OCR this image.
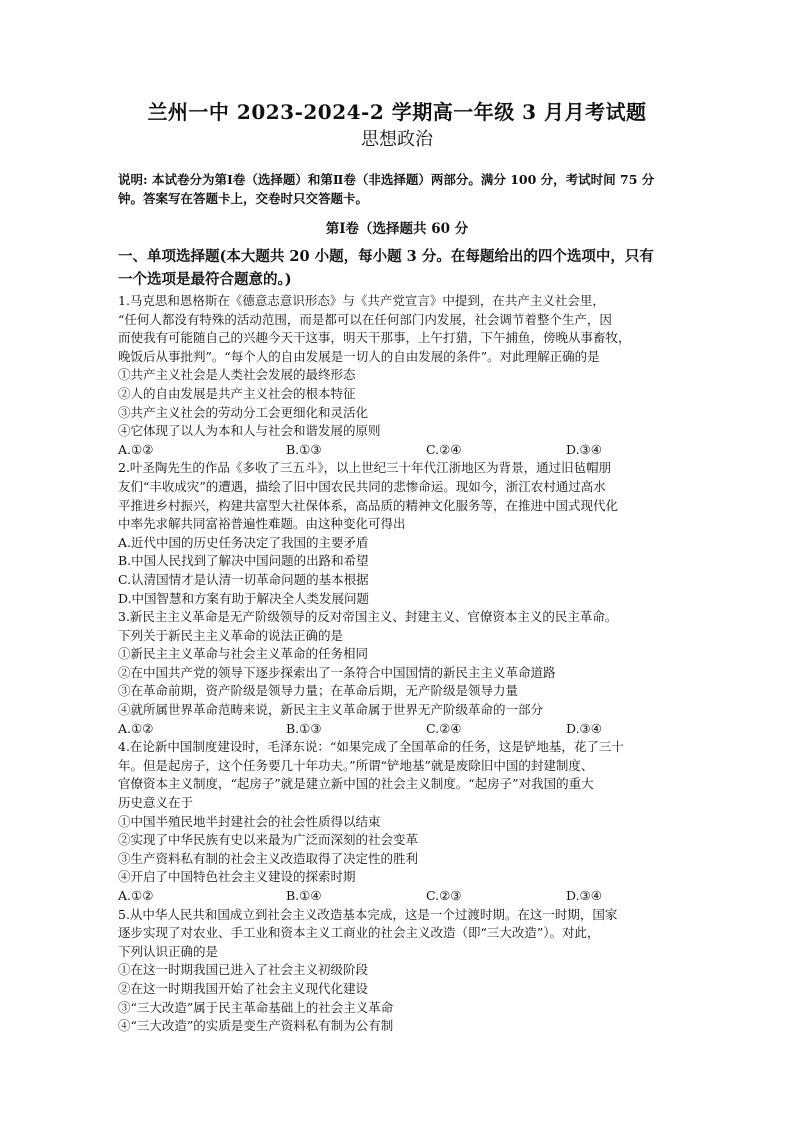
兰州一中 2023-2024-2 学期高一年级 3 月月考试题
思想政治
说明: 本试卷分为第Ⅰ卷（选择题）和第Ⅱ卷（非选择题）两部分。满分 100 分，考试时间 75 分钟。答案写在答题卡上，交卷时只交答题卡。
第Ⅰ卷（选择题共 60 分
一、单项选择题(本大题共 20 小题，每小题 3 分。在每题给出的四个选项中，只有
一个选项是最符合题意的。)
1.马克思和恩格斯在《德意志意识形态》与《共产党宣言》中提到，在共产主义社会里，
“任何人都没有特殊的活动范围，而是都可以在任何部门内发展，社会调节着整个生产，因
而使我有可能随自己的兴趣今天干这事，明天干那事，上午打猎，下午捕鱼，傍晚从事畜牧，
晚饭后从事批判”。“每个人的自由发展是一切人的自由发展的条件”。对此理解正确的是
①共产主义社会是人类社会发展的最终形态
②人的自由发展是共产主义社会的根本特征
③共产主义社会的劳动分工会更细化和灵活化
④它体现了以人为本和人与社会和谐发展的原则
A.①②	B.①③	C.②④	D.③④
2.叶圣陶先生的作品《多收了三五斗》，以上世纪三十年代江浙地区为背景，通过旧毡帽朋
友们“丰收成灾”的遭遇，描绘了旧中国农民共同的悲惨命运。现如今，浙江农村通过高水
平推进乡村振兴，构建共富型大社保体系，高品质的精神文化服务等，在推进中国式现代化
中率先求解共同富裕普遍性难题。由这种变化可得出
A.近代中国的历史任务决定了我国的主要矛盾
B.中国人民找到了解决中国问题的出路和希望
C.认清国情才是认清一切革命问题的基本根据
D.中国智慧和方案有助于解决全人类发展问题
3.新民主主义革命是无产阶级领导的反对帝国主义、封建主义、官僚资本主义的民主革命。
下列关于新民主主义革命的说法正确的是
①新民主主义革命与社会主义革命的任务相同
②在中国共产党的领导下逐步探索出了一条符合中国国情的新民主主义革命道路
③在革命前期，资产阶级是领导力量；在革命后期，无产阶级是领导力量
④就所属世界革命范畴来说，新民主主义革命属于世界无产阶级革命的一部分
A.①②	B.①③	C.②④	D.③④
4.在论新中国制度建设时，毛泽东说：“如果完成了全国革命的任务，这是铲地基，花了三十
年。但是起房子，这个任务要几十年功夫。”所谓“铲地基”就是废除旧中国的封建制度、
官僚资本主义制度，“起房子”就是建立新中国的社会主义制度。“起房子”对我国的重大
历史意义在于
①中国半殖民地半封建社会的社会性质得以结束
②实现了中华民族有史以来最为广泛而深刻的社会变革
③生产资料私有制的社会主义改造取得了决定性的胜利
④开启了中国特色社会主义建设的探索时期
A.①②	B.①④	C.②③	D.③④
5.从中华人民共和国成立到社会主义改造基本完成，这是一个过渡时期。在这一时期，国家
逐步实现了对农业、手工业和资本主义工商业的社会主义改造（即“三大改造”）。对此，
下列认识正确的是
①在这一时期我国已进入了社会主义初级阶段
②在这一时期我国开始了社会主义现代化建设
③“三大改造”属于民主革命基础上的社会主义革命
④“三大改造”的实质是变生产资料私有制为公有制
